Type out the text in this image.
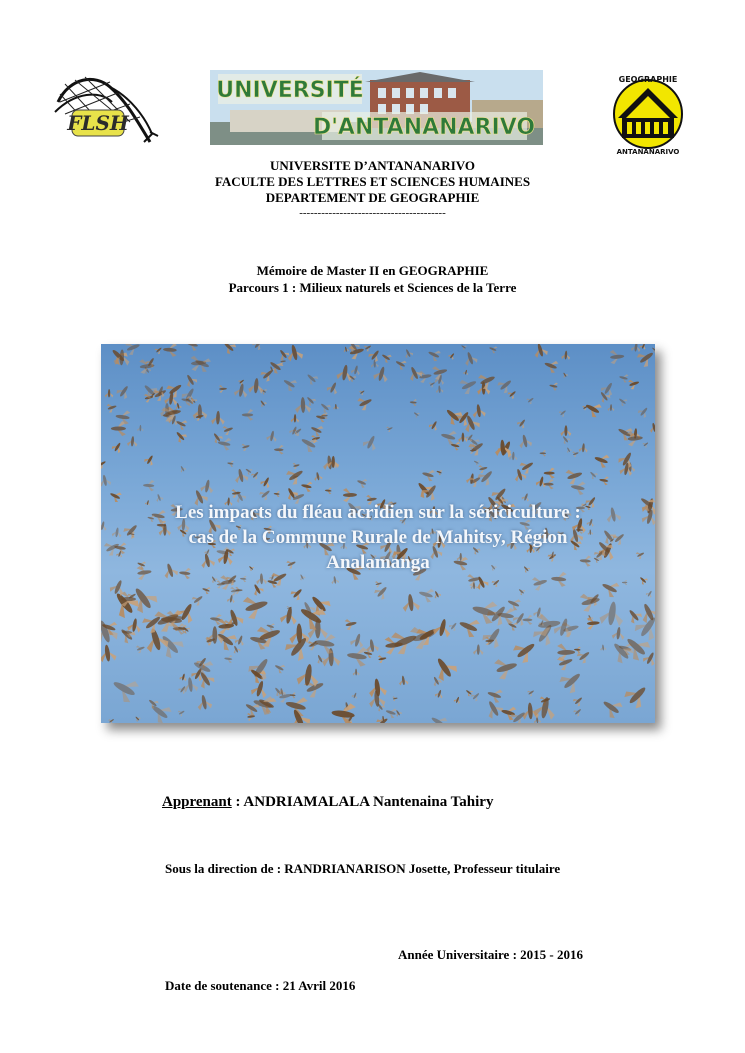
FLSH
UNIVERSITÉ
D'ANTANANARIVO
GEOGRAPHIE
ANTANANARIVO
UNIVERSITE D’ANTANANARIVO
FACULTE DES LETTRES ET SCIENCES HUMAINES
DEPARTEMENT DE GEOGRAPHIE
----------------------------------------
Mémoire de Master II en GEOGRAPHIE
Parcours 1 : Milieux naturels et Sciences de la Terre
Les impacts du fléau acridien sur la sériciculture :
cas de la Commune Rurale de Mahitsy, Région
Analamanga
Apprenant : ANDRIAMALALA Nantenaina Tahiry
Sous la direction de : RANDRIANARISON Josette, Professeur titulaire
Année Universitaire : 2015 - 2016
Date de soutenance : 21 Avril 2016
